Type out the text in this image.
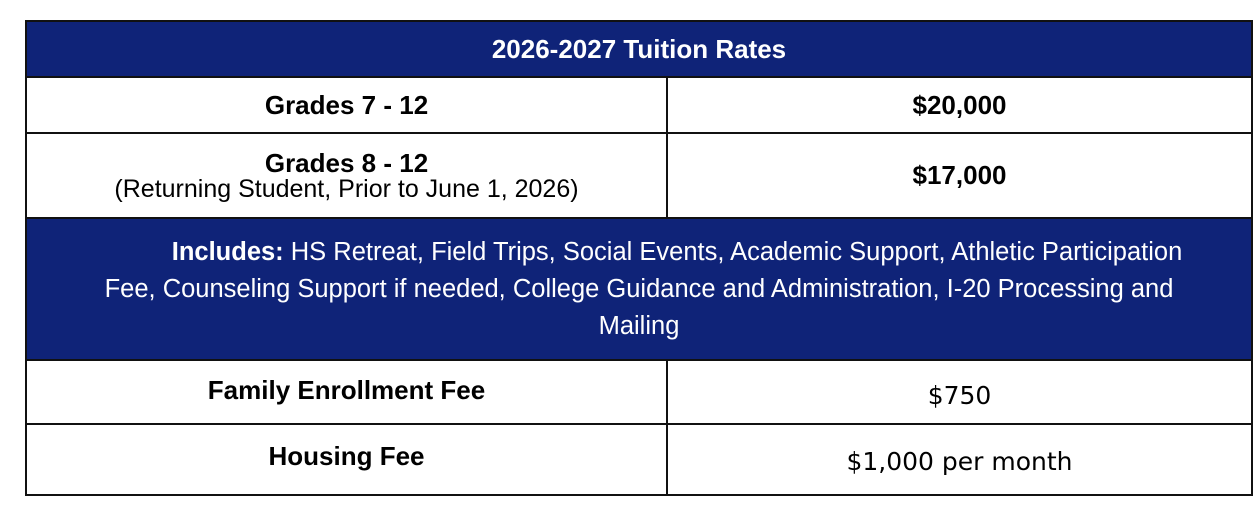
2026-2027 Tuition Rates
Grades 7 - 12	$20,000
Grades 8 - 12
(Returning Student, Prior to June 1, 2026)	$17,000
Includes: HS Retreat, Field Trips, Social Events, Academic Support, Athletic Participation Fee, Counseling Support if needed, College Guidance and Administration, I-20 Processing and Mailing
Family Enrollment Fee	$750
Housing Fee	$1,000 per month
